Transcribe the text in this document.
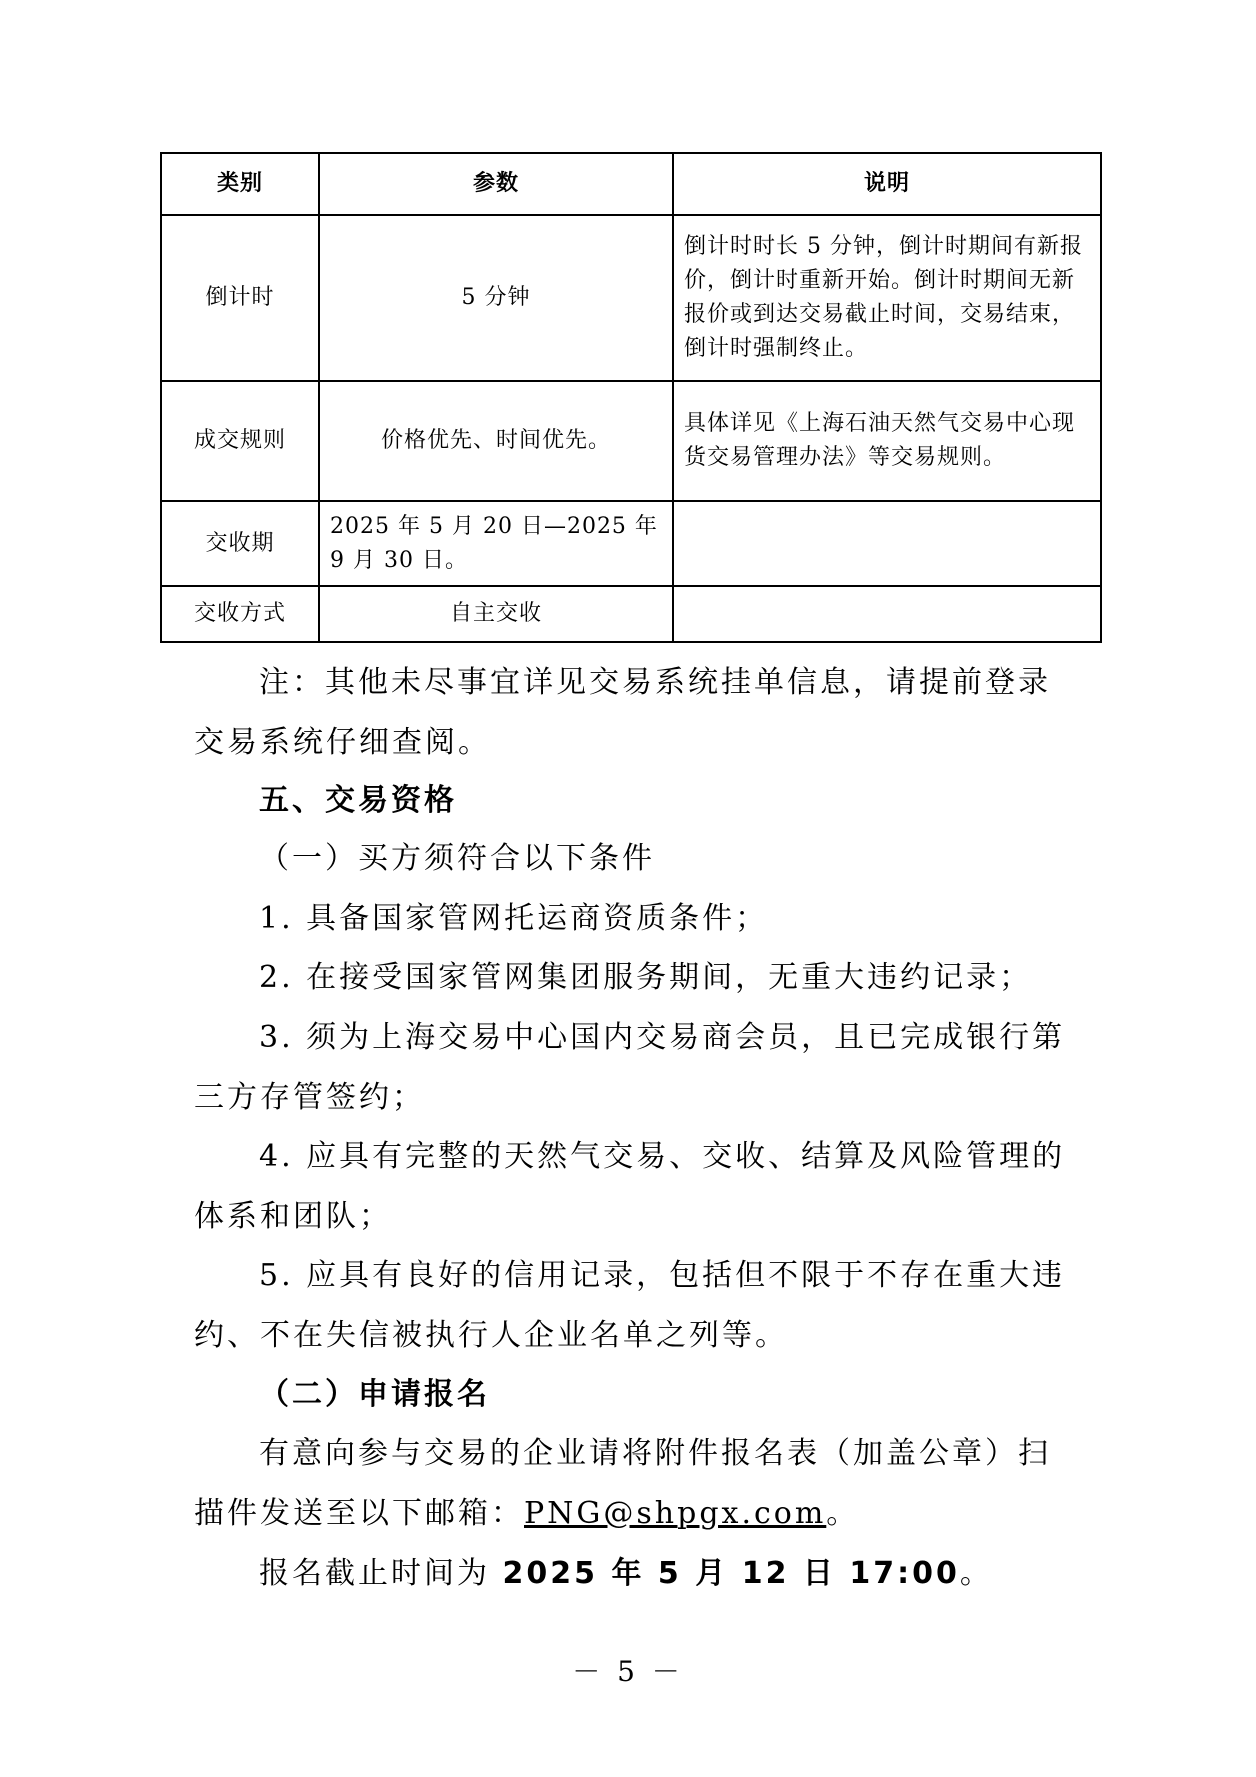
类别	参数	说明
倒计时	5 分钟	倒计时时长 5 分钟，倒计时期间有新报价，倒计时重新开始。倒计时期间无新报价或到达交易截止时间，交易结束，倒计时强制终止。
成交规则	价格优先、时间优先。	具体详见《上海石油天然气交易中心现货交易管理办法》等交易规则。
交收期	2025 年 5 月 20 日—2025 年 9 月 30 日。	
交收方式	自主交收	

注：其他未尽事宜详见交易系统挂单信息，请提前登录交易系统仔细查阅。

五、交易资格

（一）买方须符合以下条件

1. 具备国家管网托运商资质条件；

2. 在接受国家管网集团服务期间，无重大违约记录；

3. 须为上海交易中心国内交易商会员，且已完成银行第三方存管签约；

4. 应具有完整的天然气交易、交收、结算及风险管理的体系和团队；

5. 应具有良好的信用记录，包括但不限于不存在重大违约、不在失信被执行人企业名单之列等。

（二）申请报名

有意向参与交易的企业请将附件报名表（加盖公章）扫描件发送至以下邮箱：PNG@shpgx.com。

报名截止时间为 2025 年 5 月 12 日 17:00。

－ 5 －
